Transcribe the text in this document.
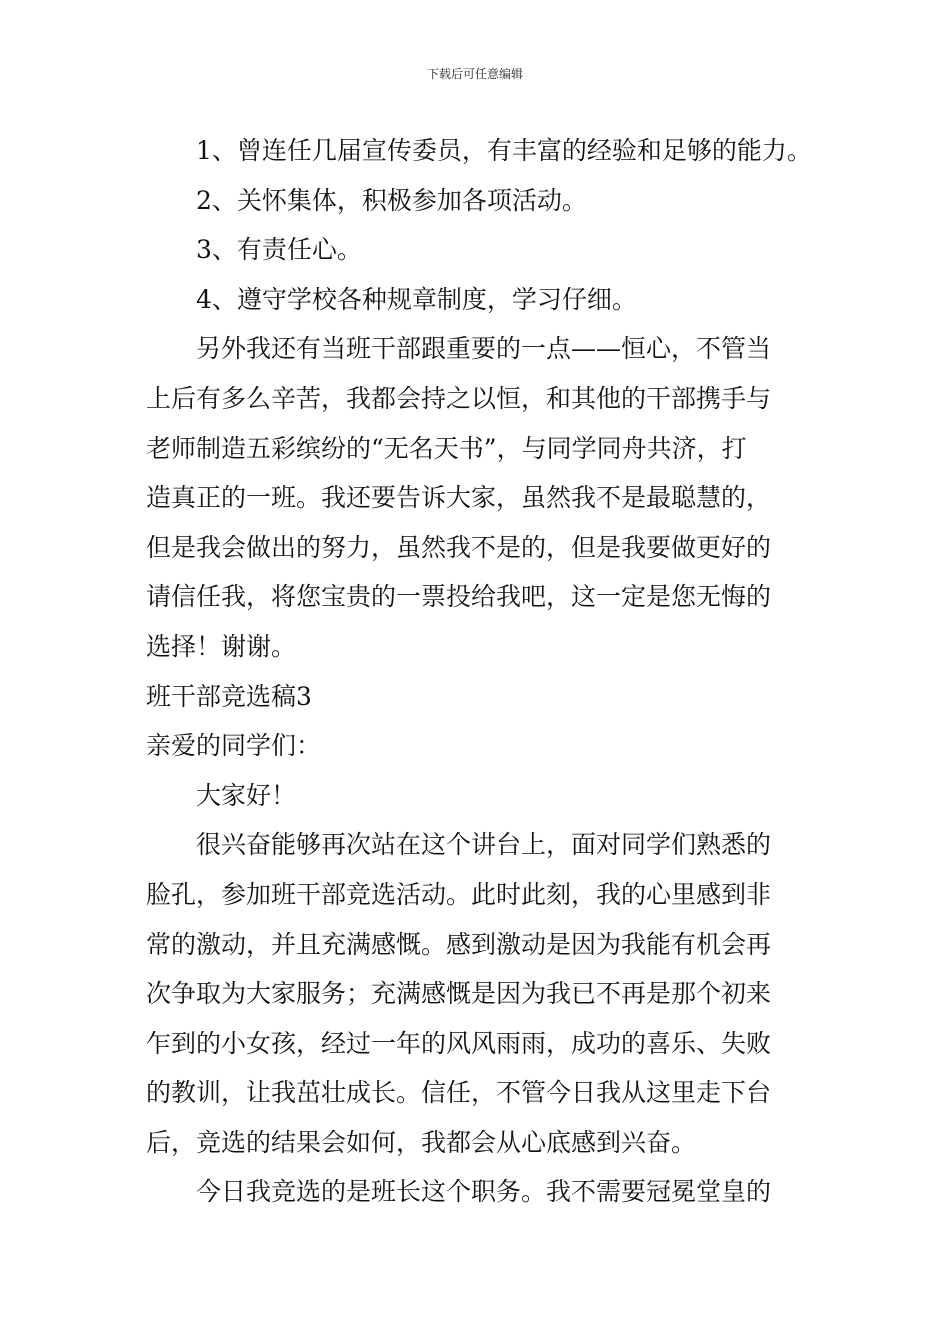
下载后可任意编辑
1、曾连任几届宣传委员，有丰富的经验和足够的能力。
2、关怀集体，积极参加各项活动。
3、有责任心。
4、遵守学校各种规章制度，学习仔细。
另外我还有当班干部跟重要的一点——恒心，不管当
上后有多么辛苦，我都会持之以恒，和其他的干部携手与
老师制造五彩缤纷的“无名天书”，与同学同舟共济，打
造真正的一班。我还要告诉大家，虽然我不是最聪慧的，
但是我会做出的努力，虽然我不是的，但是我要做更好的
请信任我，将您宝贵的一票投给我吧，这一定是您无悔的
选择！谢谢。
班干部竞选稿3
亲爱的同学们：
大家好！
很兴奋能够再次站在这个讲台上，面对同学们熟悉的
脸孔，参加班干部竞选活动。此时此刻，我的心里感到非
常的激动，并且充满感慨。感到激动是因为我能有机会再
次争取为大家服务；充满感慨是因为我已不再是那个初来
乍到的小女孩，经过一年的风风雨雨，成功的喜乐、失败
的教训，让我茁壮成长。信任，不管今日我从这里走下台
后，竞选的结果会如何，我都会从心底感到兴奋。
今日我竞选的是班长这个职务。我不需要冠冕堂皇的
